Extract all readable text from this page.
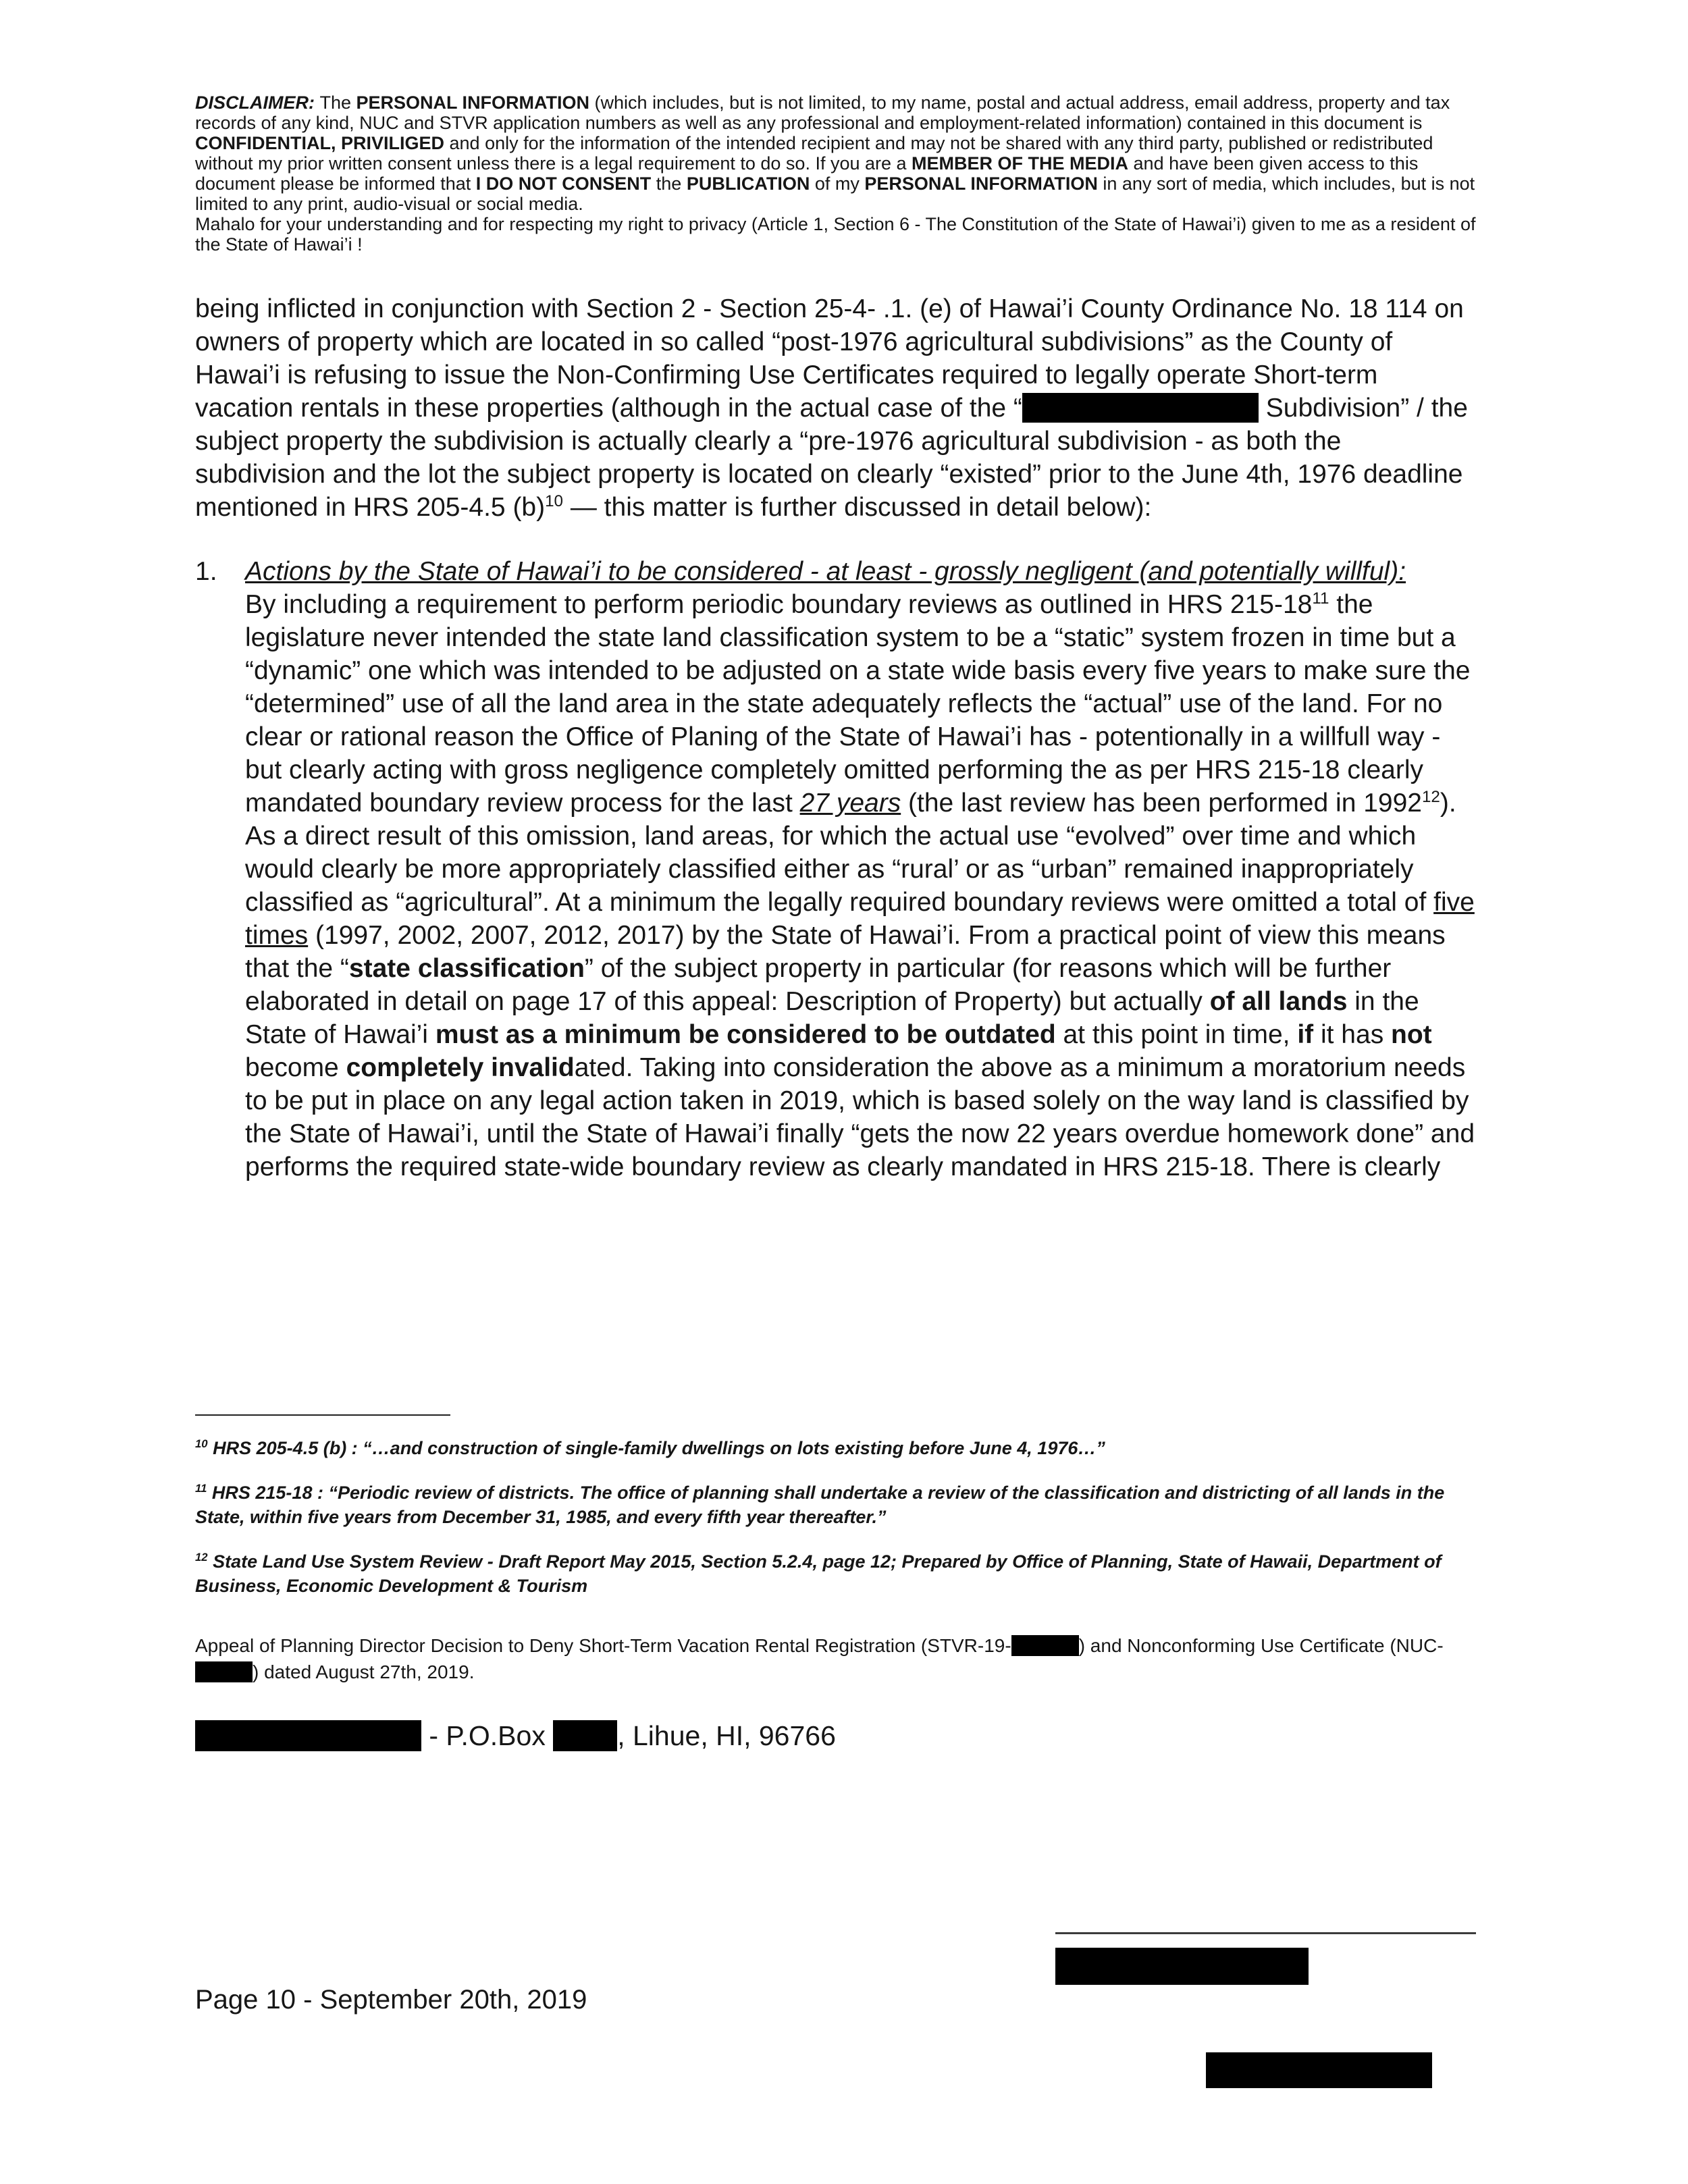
DISCLAIMER: The PERSONAL INFORMATION (which includes, but is not limited, to my name, postal and actual address, email address, property and tax records of any kind, NUC and STVR application numbers as well as any professional and employment-related information) contained in this document is CONFIDENTIAL, PRIVILIGED and only for the information of the intended recipient and may not be shared with any third party, published or redistributed without my prior written consent unless there is a legal requirement to do so. If you are a MEMBER OF THE MEDIA and have been given access to this document please be informed that I DO NOT CONSENT the PUBLICATION of my PERSONAL INFORMATION in any sort of media, which includes, but is not limited to any print, audio-visual or social media.

Mahalo for your understanding and for respecting my right to privacy (Article 1, Section 6 - The Constitution of the State of Hawai’i) given to me as a resident of the State of Hawai’i !

being inflicted in conjunction with Section 2 - Section 25-4- .1. (e) of Hawai’i County Ordinance No. 18 114 on owners of property which are located in so called “post-1976 agricultural subdivisions” as the County of Hawai’i is refusing to issue the Non-Confirming Use Certificates required to legally operate Short-term vacation rentals in these properties (although in the actual case of the “	Subdivision” / the subject property the subdivision is actually clearly a “pre-1976 agricultural subdivision - as both the subdivision and the lot the subject property is located on clearly “existed” prior to the June 4th, 1976 deadline mentioned in HRS 205-4.5 $(b)^{10}$ — this matter is further discussed in detail below):

1.	Actions by the State of Hawai’i to be considered - at least - grossly negligent (and potentially willful):

By including a requirement to perform periodic boundary reviews as outlined in HRS $215-18^{11}$ the legislature never intended the state land classification system to be a “static” system frozen in time but a “dynamic” one which was intended to be adjusted on a state wide basis every five years to make sure the “determined” use of all the land area in the state adequately reflects the “actual” use of the land. For no clear or rational reason the Office of Planing of the State of Hawai’i has - potentionally in a willfull way - but clearly acting with gross negligence completely omitted performing the as per HRS 215-18 clearly mandated boundary review process for the last 27 years (the last review has been performed in 1992$^{12}$). As a direct result of this omission, land areas, for which the actual use “evolved” over time and which would clearly be more appropriately classified either as “rural’ or as “urban” remained inappropriately classified as “agricultural”. At a minimum the legally required boundary reviews were omitted a total of five times (1997, 2002, 2007, 2012, 2017) by the State of Hawai’i. From a practical point of view this means that the “state classification” of the subject property in particular (for reasons which will be further elaborated in detail on page 17 of this appeal: Description of Property) but actually of all lands in the State of Hawai’i must as a minimum be considered to be outdated at this point in time, if it has not become completely invalidated. Taking into consideration the above as a minimum a moratorium needs to be put in place on any legal action taken in 2019, which is based solely on the way land is classified by the State of Hawai’i, until the State of Hawai’i finally “gets the now 22 years overdue homework done” and performs the required state-wide boundary review as clearly mandated in HRS 215-18. There is clearly

$^{10}$ HRS 205-4.5 (b) : “…and construction of single-family dwellings on lots existing before June 4, 1976…”

$^{11}$ HRS 215-18 : “Periodic review of districts. The office of planning shall undertake a review of the classification and districting of all lands in the State, within five years from December 31, 1985, and every fifth year thereafter.”

$^{12}$ State Land Use System Review - Draft Report May 2015, Section 5.2.4, page 12; Prepared by Office of Planning, State of Hawaii, Department of Business, Economic Development & Tourism

Appeal of Planning Director Decision to Deny Short-Term Vacation Rental Registration (STVR-19-	) and Nonconforming Use Certificate (NUC-) dated August 27th, 2019.

- P.O.Box , Lihue, HI, 96766

Page 10 - September 20th, 2019
